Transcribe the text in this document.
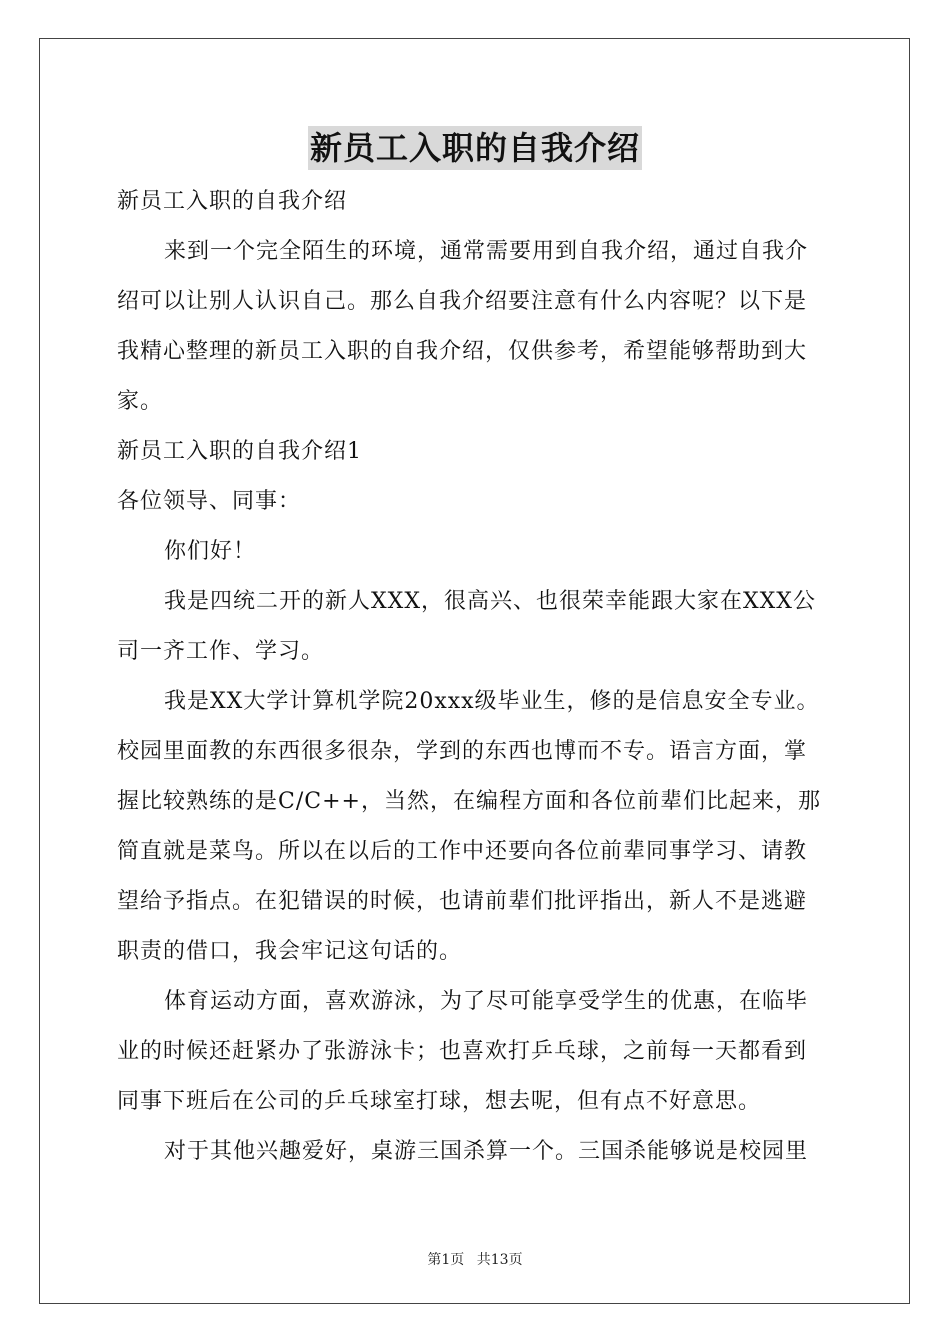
新员工入职的自我介绍
新员工入职的自我介绍
来到一个完全陌生的环境，通常需要用到自我介绍，通过自我介
绍可以让别人认识自己。那么自我介绍要注意有什么内容呢？以下是
我精心整理的新员工入职的自我介绍，仅供参考，希望能够帮助到大
家。
新员工入职的自我介绍1
各位领导、同事：
你们好！
我是四统二开的新人XXX，很高兴、也很荣幸能跟大家在XXX公
司一齐工作、学习。
我是XX大学计算机学院20xxx级毕业生，修的是信息安全专业。
校园里面教的东西很多很杂，学到的东西也博而不专。语言方面，掌
握比较熟练的是C/C++，当然，在编程方面和各位前辈们比起来，那
简直就是菜鸟。所以在以后的工作中还要向各位前辈同事学习、请教
望给予指点。在犯错误的时候，也请前辈们批评指出，新人不是逃避
职责的借口，我会牢记这句话的。
体育运动方面，喜欢游泳，为了尽可能享受学生的优惠，在临毕
业的时候还赶紧办了张游泳卡；也喜欢打乒乓球，之前每一天都看到
同事下班后在公司的乒乓球室打球，想去呢，但有点不好意思。
对于其他兴趣爱好，桌游三国杀算一个。三国杀能够说是校园里
第1页 共13页
